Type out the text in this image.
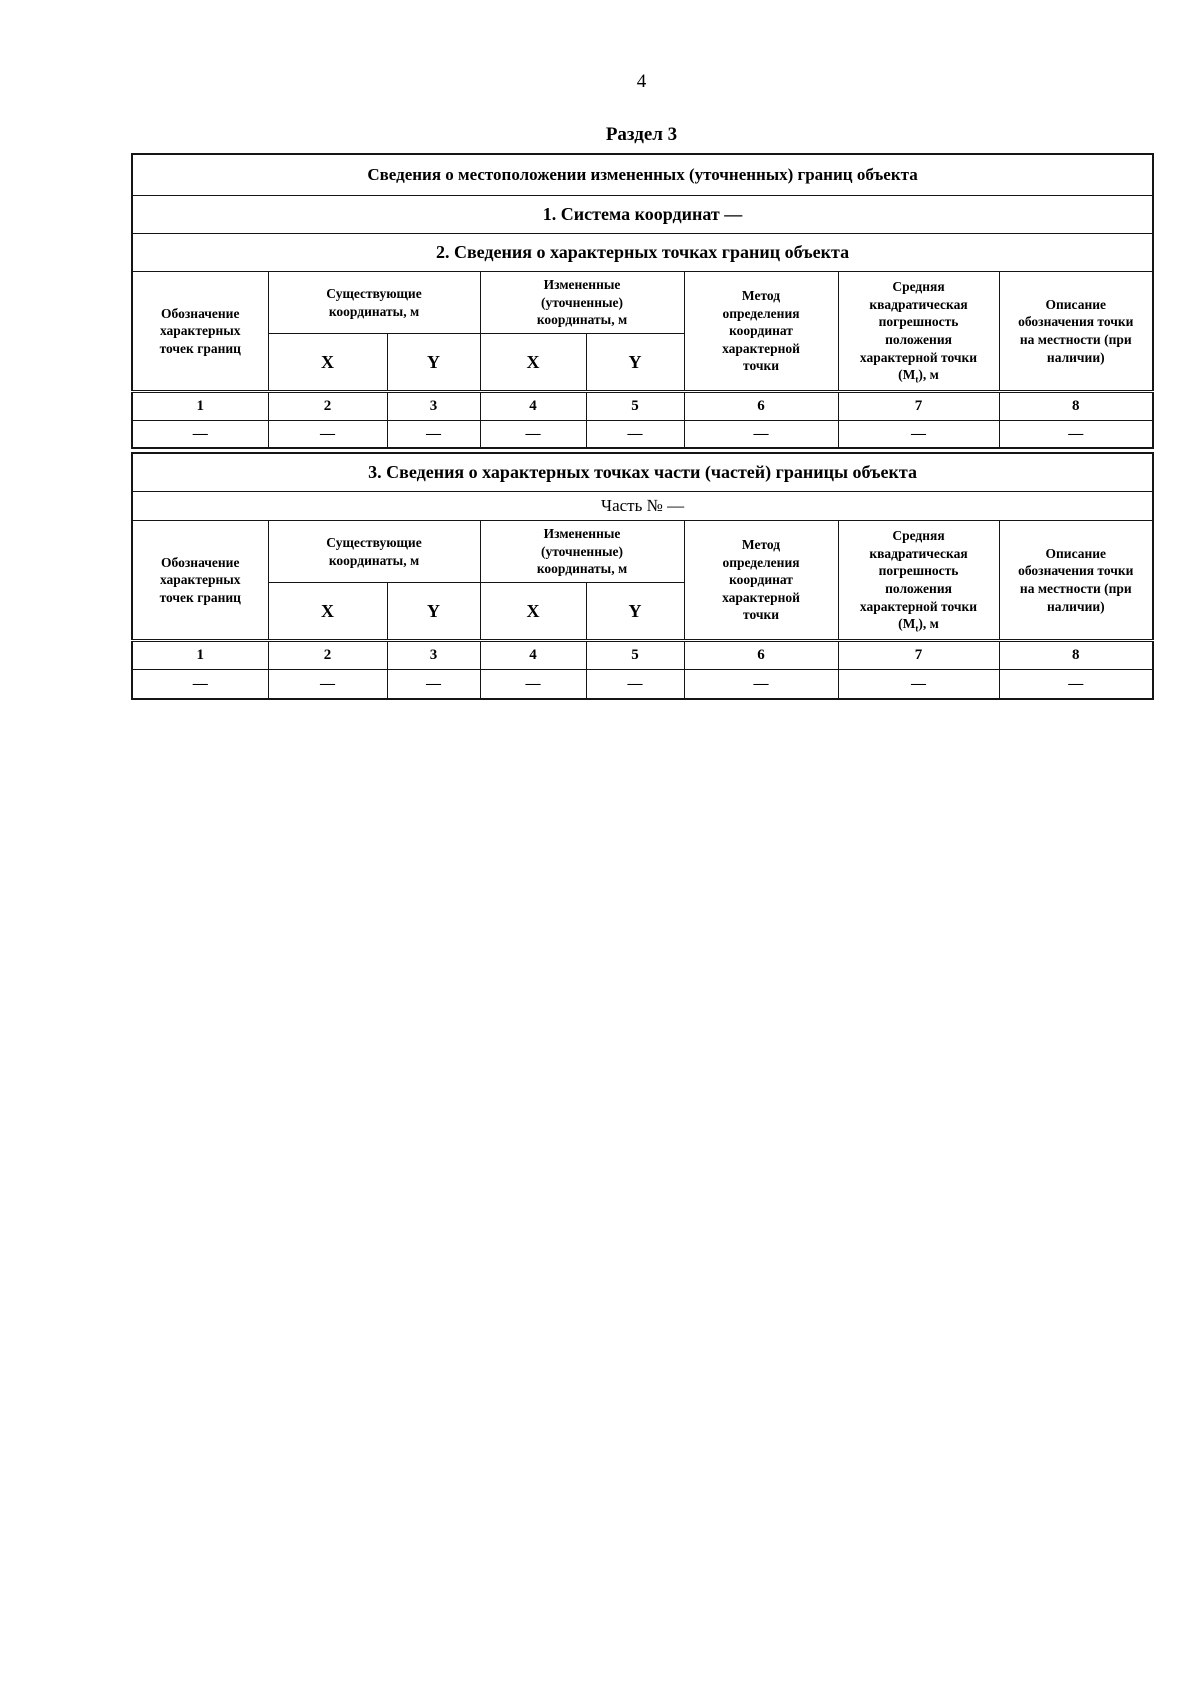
4
Раздел 3
Сведения о местоположении измененных (уточненных) границ объекта							
1. Система координат —							
2. Сведения о характерных точках границ объекта							

Обозначение характерных точек границ	Существующие координаты, м		Измененные (уточненные) координаты, м		Метод определения координат характерной точки	Средняя квадратическая погрешность положения характерной точки $(М_t)$, м	Описание обозначения точки на местности (при наличии)

	X	Y	X	Y			
1	2	3	4	5	6	7	8
—	—	—	—	—	—	—	—
3. Сведения о характерных точках части (частей) границы объекта							
Часть № —							

Обозначение характерных точек границ	Существующие координаты, м		Измененные (уточненные) координаты, м		Метод определения координат характерной точки	Средняя квадратическая погрешность положения характерной точки $(М_t)$, м	Описание обозначения точки на местности (при наличии)

	X	Y	X	Y			
1	2	3	4	5	6	7	8
—	—	—	—	—	—	—	—
